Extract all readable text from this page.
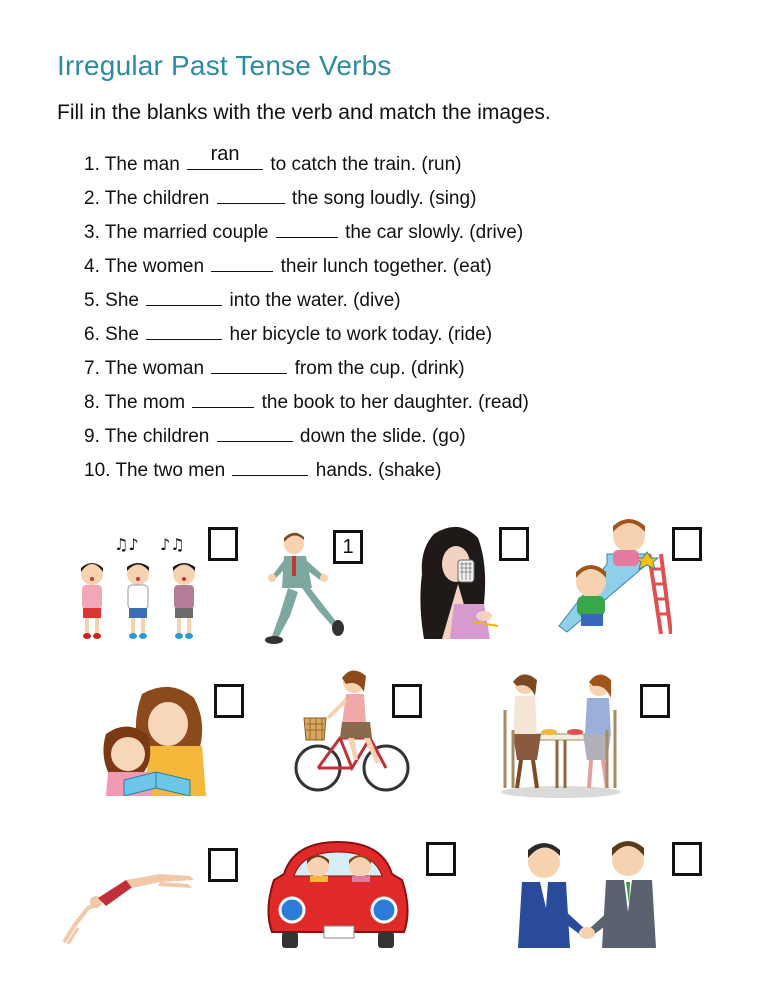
Irregular Past Tense Verbs
Fill in the blanks with the verb and match the images.
1. The man	ran	to catch the train. (run)
2. The children	the song loudly. (sing)
3. The married couple	the car slowly. (drive)
4. The women	their lunch together. (eat)
5. She	into the water. (dive)
6. She	her bicycle to work today. (ride)
7. The woman	from the cup. (drink)
8. The mom	the book to her daughter. (read)
9. The children	down the slide. (go)
10. The two men	hands. (shake)
♫♪ ♪♫	1
